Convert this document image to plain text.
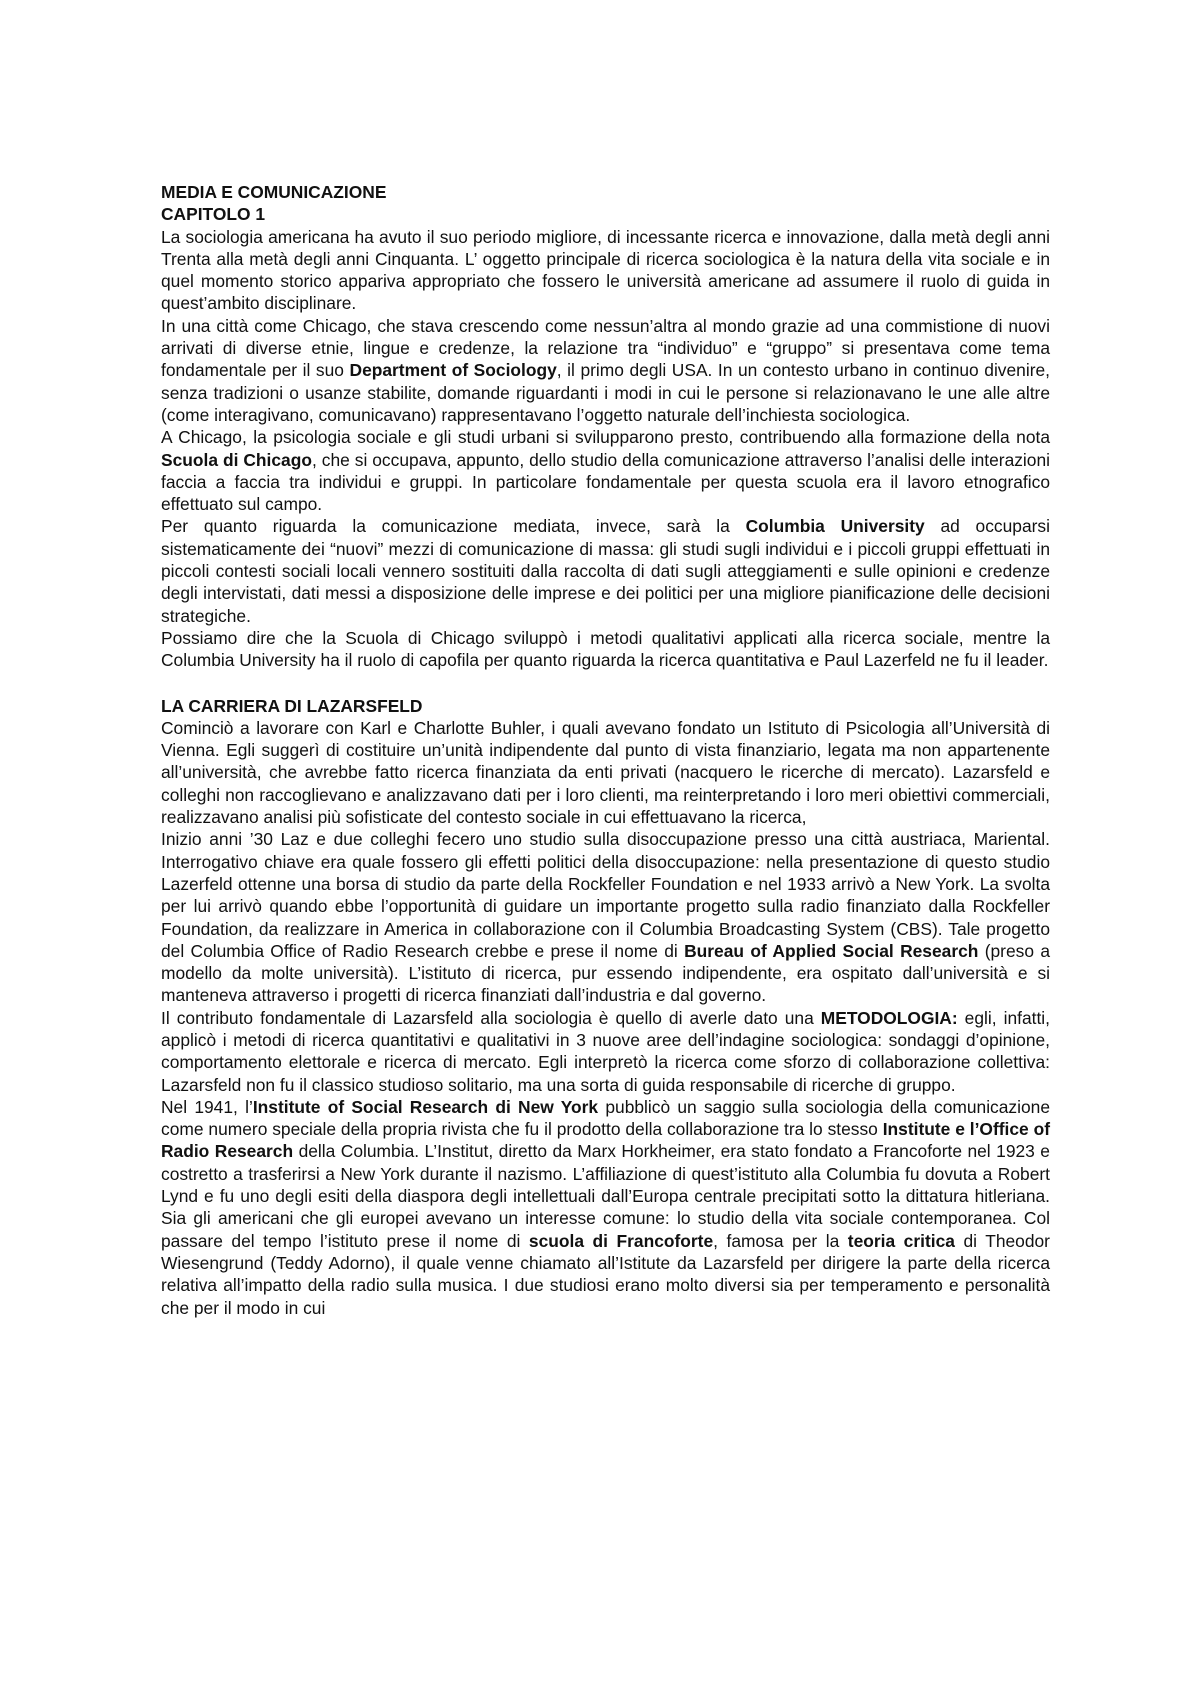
MEDIA E COMUNICAZIONE
CAPITOLO 1

La sociologia americana ha avuto il suo periodo migliore, di incessante ricerca e innovazione, dalla metà degli anni Trenta alla metà degli anni Cinquanta. L’ oggetto principale di ricerca sociologica è la natura della vita sociale e in quel momento storico appariva appropriato che fossero le università americane ad assumere il ruolo di guida in quest’ambito disciplinare.

In una città come Chicago, che stava crescendo come nessun’altra al mondo grazie ad una commistione di nuovi arrivati di diverse etnie, lingue e credenze, la relazione tra “individuo” e “gruppo” si presentava come tema fondamentale per il suo Department of Sociology, il primo degli USA. In un contesto urbano in continuo divenire, senza tradizioni o usanze stabilite, domande riguardanti i modi in cui le persone si relazionavano le une alle altre (come interagivano, comunicavano) rappresentavano l’oggetto naturale dell’inchiesta sociologica.

A Chicago, la psicologia sociale e gli studi urbani si svilupparono presto, contribuendo alla formazione della nota Scuola di Chicago, che si occupava, appunto, dello studio della comunicazione attraverso l’analisi delle interazioni faccia a faccia tra individui e gruppi. In particolare fondamentale per questa scuola era il lavoro etnografico effettuato sul campo.

Per quanto riguarda la comunicazione mediata, invece, sarà la Columbia University ad occuparsi sistematicamente dei “nuovi” mezzi di comunicazione di massa: gli studi sugli individui e i piccoli gruppi effettuati in piccoli contesti sociali locali vennero sostituiti dalla raccolta di dati sugli atteggiamenti e sulle opinioni e credenze degli intervistati, dati messi a disposizione delle imprese e dei politici per una migliore pianificazione delle decisioni strategiche.

Possiamo dire che la Scuola di Chicago sviluppò i metodi qualitativi applicati alla ricerca sociale, mentre la Columbia University ha il ruolo di capofila per quanto riguarda la ricerca quantitativa e Paul Lazerfeld ne fu il leader.

LA CARRIERA DI LAZARSFELD

Cominciò a lavorare con Karl e Charlotte Buhler, i quali avevano fondato un Istituto di Psicologia all’Università di Vienna. Egli suggerì di costituire un’unità indipendente dal punto di vista finanziario, legata ma non appartenente all’università, che avrebbe fatto ricerca finanziata da enti privati (nacquero le ricerche di mercato). Lazarsfeld e colleghi non raccoglievano e analizzavano dati per i loro clienti, ma reinterpretando i loro meri obiettivi commerciali, realizzavano analisi più sofisticate del contesto sociale in cui effettuavano la ricerca,

Inizio anni ’30 Laz e due colleghi fecero uno studio sulla disoccupazione presso una città austriaca, Mariental. Interrogativo chiave era quale fossero gli effetti politici della disoccupazione: nella presentazione di questo studio Lazerfeld ottenne una borsa di studio da parte della Rockfeller Foundation e nel 1933 arrivò a New York. La svolta per lui arrivò quando ebbe l’opportunità di guidare un importante progetto sulla radio finanziato dalla Rockfeller Foundation, da realizzare in America in collaborazione con il Columbia Broadcasting System (CBS). Tale progetto del Columbia Office of Radio Research crebbe e prese il nome di Bureau of Applied Social Research (preso a modello da molte università). L’istituto di ricerca, pur essendo indipendente, era ospitato dall’università e si manteneva attraverso i progetti di ricerca finanziati dall’industria e dal governo.

Il contributo fondamentale di Lazarsfeld alla sociologia è quello di averle dato una METODOLOGIA: egli, infatti, applicò i metodi di ricerca quantitativi e qualitativi in 3 nuove aree dell’indagine sociologica: sondaggi d’opinione, comportamento elettorale e ricerca di mercato. Egli interpretò la ricerca come sforzo di collaborazione collettiva: Lazarsfeld non fu il classico studioso solitario, ma una sorta di guida responsabile di ricerche di gruppo.

Nel 1941, l’Institute of Social Research di New York pubblicò un saggio sulla sociologia della comunicazione come numero speciale della propria rivista che fu il prodotto della collaborazione tra lo stesso Institute e l’Office of Radio Research della Columbia. L’Institut, diretto da Marx Horkheimer, era stato fondato a Francoforte nel 1923 e costretto a trasferirsi a New York durante il nazismo. L’affiliazione di quest’istituto alla Columbia fu dovuta a Robert Lynd e fu uno degli esiti della diaspora degli intellettuali dall’Europa centrale precipitati sotto la dittatura hitleriana. Sia gli americani che gli europei avevano un interesse comune: lo studio della vita sociale contemporanea. Col passare del tempo l’istituto prese il nome di scuola di Francoforte, famosa per la teoria critica di Theodor Wiesengrund (Teddy Adorno), il quale venne chiamato all’Istitute da Lazarsfeld per dirigere la parte della ricerca relativa all’impatto della radio sulla musica. I due studiosi erano molto diversi sia per temperamento e personalità che per il modo in cui
